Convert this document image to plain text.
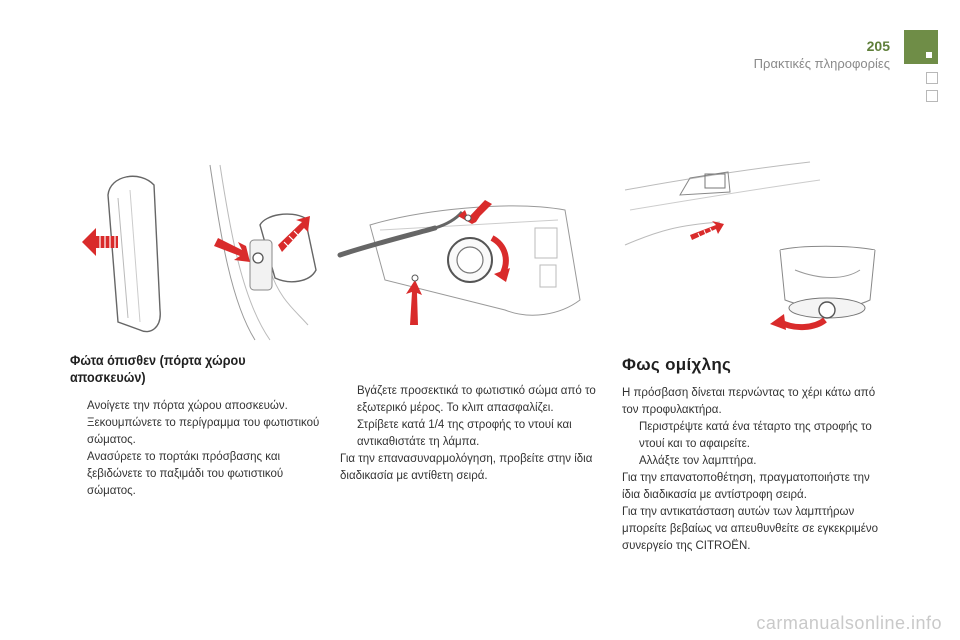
205
Πρακτικές πληροφορίες
Φώτα όπισθεν (πόρτα χώρου αποσκευών)
Ανοίγετε την πόρτα χώρου αποσκευών.
Ξεκουμπώνετε το περίγραμμα του φωτιστικού σώματος.
Ανασύρετε το πορτάκι πρόσβασης και ξεβιδώνετε το παξιμάδι του φωτιστικού σώματος.
Βγάζετε προσεκτικά το φωτιστικό σώμα από το εξωτερικό μέρος. Το κλιπ απασφαλίζει.
Στρίβετε κατά 1/4 της στροφής το ντουί και αντικαθιστάτε τη λάμπα.

Για την επανασυναρμολόγηση, προβείτε στην ίδια διαδικασία με αντίθετη σειρά.

Φως ομίχλης

Η πρόσβαση δίνεται περνώντας το χέρι κάτω από τον προφυλακτήρα.

Περιστρέψτε κατά ένα τέταρτο της στροφής το ντουί και το αφαιρείτε.
Αλλάξτε τον λαμπτήρα.

Για την επανατοποθέτηση, πραγματοποιήστε την ίδια διαδικασία με αντίστροφη σειρά.

Για την αντικατάσταση αυτών των λαμπτήρων μπορείτε βεβαίως να απευθυνθείτε σε εγκεκριμένο συνεργείο της CITROËN.

carmanualsonline.info
